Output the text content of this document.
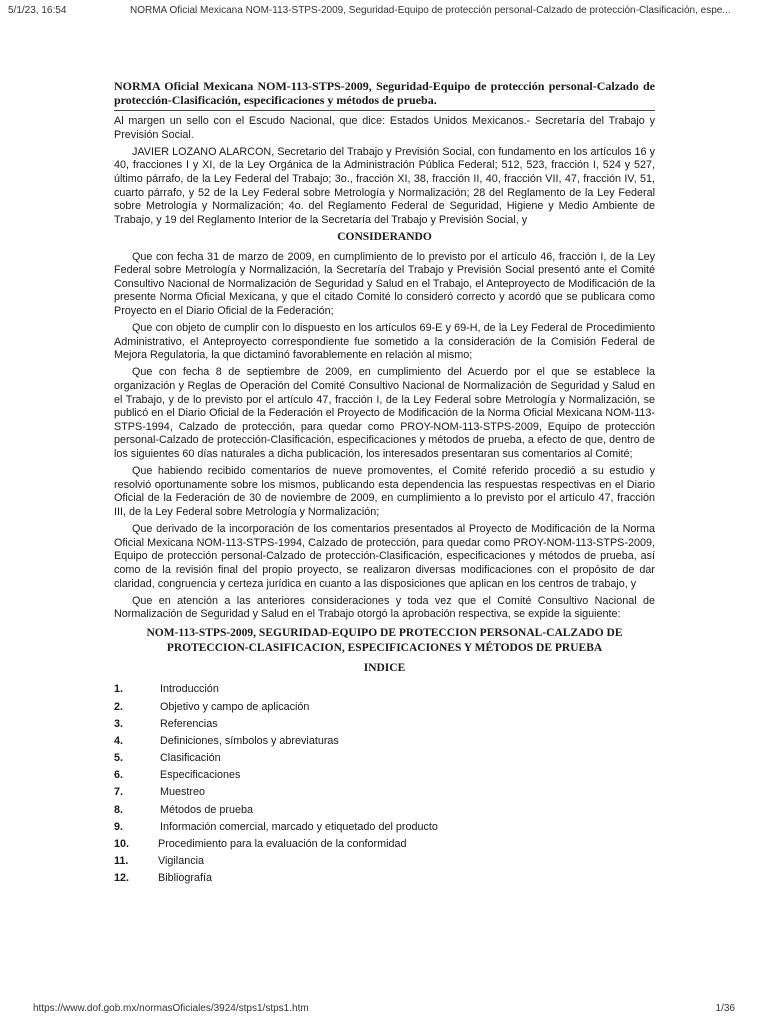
5/1/23, 16:54	NORMA Oficial Mexicana NOM-113-STPS-2009, Seguridad-Equipo de protección personal-Calzado de protección-Clasificación, espe...
NORMA Oficial Mexicana NOM-113-STPS-2009, Seguridad-Equipo de protección personal-Calzado de protección-Clasificación, especificaciones y métodos de prueba.

Al margen un sello con el Escudo Nacional, que dice: Estados Unidos Mexicanos.- Secretaría del Trabajo y Previsión Social.

JAVIER LOZANO ALARCON, Secretario del Trabajo y Previsión Social, con fundamento en los artículos 16 y 40, fracciones I y XI, de la Ley Orgánica de la Administración Pública Federal; 512, 523, fracción I, 524 y 527, último párrafo, de la Ley Federal del Trabajo; 3o., fracción XI, 38, fracción II, 40, fracción VII, 47, fracción IV, 51, cuarto párrafo, y 52 de la Ley Federal sobre Metrología y Normalización; 28 del Reglamento de la Ley Federal sobre Metrología y Normalización; 4o. del Reglamento Federal de Seguridad, Higiene y Medio Ambiente de Trabajo, y 19 del Reglamento Interior de la Secretaría del Trabajo y Previsión Social, y

CONSIDERANDO

Que con fecha 31 de marzo de 2009, en cumplimiento de lo previsto por el artículo 46, fracción I, de la Ley Federal sobre Metrología y Normalización, la Secretaría del Trabajo y Previsión Social presentó ante el Comité Consultivo Nacional de Normalización de Seguridad y Salud en el Trabajo, el Anteproyecto de Modificación de la presente Norma Oficial Mexicana, y que el citado Comité lo consideró correcto y acordó que se publicara como Proyecto en el Diario Oficial de la Federación;

Que con objeto de cumplir con lo dispuesto en los artículos 69-E y 69-H, de la Ley Federal de Procedimiento Administrativo, el Anteproyecto correspondiente fue sometido a la consideración de la Comisión Federal de Mejora Regulatoria, la que dictaminó favorablemente en relación al mismo;

Que con fecha 8 de septiembre de 2009, en cumplimiento del Acuerdo por el que se establece la organización y Reglas de Operación del Comité Consultivo Nacional de Normalización de Seguridad y Salud en el Trabajo, y de lo previsto por el artículo 47, fracción I, de la Ley Federal sobre Metrología y Normalización, se publicó en el Diario Oficial de la Federación el Proyecto de Modificación de la Norma Oficial Mexicana NOM-113-STPS-1994, Calzado de protección, para quedar como PROY-NOM-113-STPS-2009, Equipo de protección personal-Calzado de protección-Clasificación, especificaciones y métodos de prueba, a efecto de que, dentro de los siguientes 60 días naturales a dicha publicación, los interesados presentaran sus comentarios al Comité;

Que habiendo recibido comentarios de nueve promoventes, el Comité referido procedió a su estudio y resolvió oportunamente sobre los mismos, publicando esta dependencia las respuestas respectivas en el Diario Oficial de la Federación de 30 de noviembre de 2009, en cumplimiento a lo previsto por el artículo 47, fracción III, de la Ley Federal sobre Metrología y Normalización;

Que derivado de la incorporación de los comentarios presentados al Proyecto de Modificación de la Norma Oficial Mexicana NOM-113-STPS-1994, Calzado de protección, para quedar como PROY-NOM-113-STPS-2009, Equipo de protección personal-Calzado de protección-Clasificación, especificaciones y métodos de prueba, así como de la revisión final del propio proyecto, se realizaron diversas modificaciones con el propósito de dar claridad, congruencia y certeza jurídica en cuanto a las disposiciones que aplican en los centros de trabajo, y

Que en atención a las anteriores consideraciones y toda vez que el Comité Consultivo Nacional de Normalización de Seguridad y Salud en el Trabajo otorgó la aprobación respectiva, se expide la siguiente:

NOM-113-STPS-2009, SEGURIDAD-EQUIPO DE PROTECCION PERSONAL-CALZADO DE PROTECCION-CLASIFICACION, ESPECIFICACIONES Y MÉTODOS DE PRUEBA
INDICE
1.	Introducción
2.	Objetivo y campo de aplicación
3.	Referencias
4.	Definiciones, símbolos y abreviaturas
5.	Clasificación
6.	Especificaciones
7.	Muestreo
8.	Métodos de prueba
9.	Información comercial, marcado y etiquetado del producto
10.	Procedimiento para la evaluación de la conformidad
11.	Vigilancia
12.	Bibliografía
https://www.dof.gob.mx/normasOficiales/3924/stps1/stps1.htm	1/36
